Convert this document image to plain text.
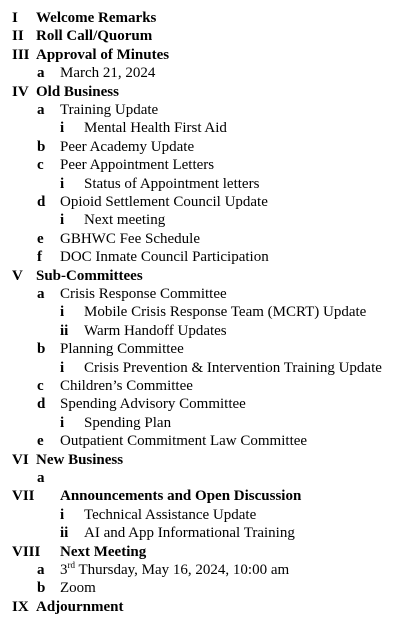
I Welcome Remarks
II Roll Call/Quorum
III Approval of Minutes
a March 21, 2024
IV Old Business
a Training Update
i Mental Health First Aid
b Peer Academy Update
c Peer Appointment Letters
i Status of Appointment letters
d Opioid Settlement Council Update
i Next meeting
e GBHWC Fee Schedule
f DOC Inmate Council Participation
V Sub-Committees
a Crisis Response Committee
i Mobile Crisis Response Team (MCRT) Update
ii Warm Handoff Updates
b Planning Committee
i Crisis Prevention & Intervention Training Update
c Children’s Committee
d Spending Advisory Committee
i Spending Plan
e Outpatient Commitment Law Committee
VI New Business
a
VII Announcements and Open Discussion
i Technical Assistance Update
ii AI and App Informational Training
VIII Next Meeting
a 3rd Thursday, May 16, 2024, 10:00 am
b Zoom
IX Adjournment
